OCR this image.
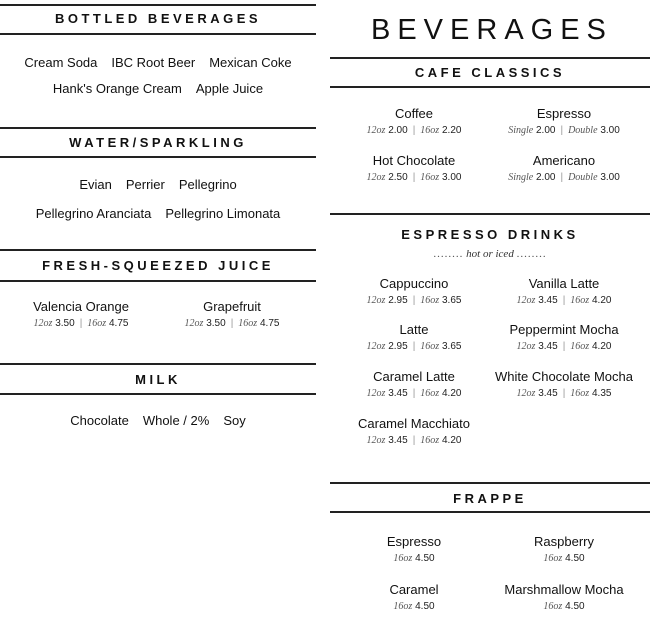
BOTTLED BEVERAGES
Cream Soda IBC Root Beer Mexican Coke
Hank's Orange Cream Apple Juice
WATER/SPARKLING
Evian Perrier Pellegrino
Pellegrino Aranciata Pellegrino Limonata
FRESH-SQUEEZED JUICE
Valencia Orange
12oz 3.50 | 16oz 4.75
Grapefruit
12oz 3.50 | 16oz 4.75
MILK
Chocolate Whole / 2% Soy
BEVERAGES
CAFE CLASSICS
Coffee
12oz 2.00 | 16oz 2.20
Espresso
Single 2.00 | Double 3.00
Hot Chocolate
12oz 2.50 | 16oz 3.00
Americano
Single 2.00 | Double 3.00
ESPRESSO DRINKS
........ hot or iced ........
Cappuccino
12oz 2.95 | 16oz 3.65
Vanilla Latte
12oz 3.45 | 16oz 4.20
Latte
12oz 2.95 | 16oz 3.65
Peppermint Mocha
12oz 3.45 | 16oz 4.20
Caramel Latte
12oz 3.45 | 16oz 4.20
White Chocolate Mocha
12oz 3.45 | 16oz 4.35
Caramel Macchiato
12oz 3.45 | 16oz 4.20
FRAPPE
Espresso
16oz 4.50
Raspberry
16oz 4.50
Caramel
16oz 4.50
Marshmallow Mocha
16oz 4.50
